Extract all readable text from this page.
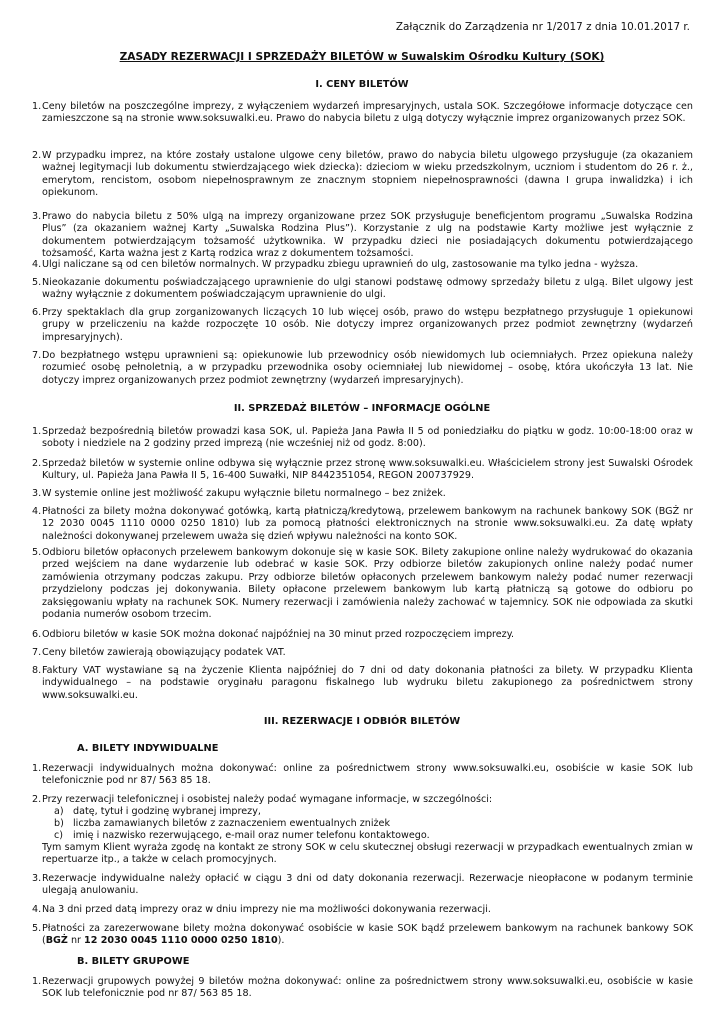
Załącznik do Zarządzenia nr 1/2017 z dnia 10.01.2017 r.
ZASADY REZERWACJI I SPRZEDAŻY BILETÓW w Suwalskim Ośrodku Kultury (SOK)
I. CENY BILETÓW
1. Ceny biletów na poszczególne imprezy, z wyłączeniem wydarzeń impresaryjnych, ustala SOK. Szczegółowe informacje dotyczące cen zamieszczone są na stronie www.soksuwalki.eu. Prawo do nabycia biletu z ulgą dotyczy wyłącznie imprez organizowanych przez SOK.
2. W przypadku imprez, na które zostały ustalone ulgowe ceny biletów, prawo do nabycia biletu ulgowego przysługuje (za okazaniem ważnej legitymacji lub dokumentu stwierdzającego wiek dziecka): dzieciom w wieku przedszkolnym, uczniom i studentom do 26 r. ż., emerytom, rencistom, osobom niepełnosprawnym ze znacznym stopniem niepełnosprawności (dawna I grupa inwalidzka) i ich opiekunom.
3. Prawo do nabycia biletu z 50% ulgą na imprezy organizowane przez SOK przysługuje beneficjentom programu „Suwalska Rodzina Plus” (za okazaniem ważnej Karty „Suwalska Rodzina Plus”). Korzystanie z ulg na podstawie Karty możliwe jest wyłącznie z dokumentem potwierdzającym tożsamość użytkownika. W przypadku dzieci nie posiadających dokumentu potwierdzającego tożsamość, Karta ważna jest z Kartą rodzica wraz z dokumentem tożsamości.
4. Ulgi naliczane są od cen biletów normalnych. W przypadku zbiegu uprawnień do ulg, zastosowanie ma tylko jedna - wyższa.
5. Nieokazanie dokumentu poświadczającego uprawnienie do ulgi stanowi podstawę odmowy sprzedaży biletu z ulgą. Bilet ulgowy jest ważny wyłącznie z dokumentem poświadczającym uprawnienie do ulgi.
6. Przy spektaklach dla grup zorganizowanych liczących 10 lub więcej osób, prawo do wstępu bezpłatnego przysługuje 1 opiekunowi grupy w przeliczeniu na każde rozpoczęte 10 osób. Nie dotyczy imprez organizowanych przez podmiot zewnętrzny (wydarzeń impresaryjnych).
7. Do bezpłatnego wstępu uprawnieni są: opiekunowie lub przewodnicy osób niewidomych lub ociemniałych. Przez opiekuna należy rozumieć osobę pełnoletnią, a w przypadku przewodnika osoby ociemniałej lub niewidomej – osobę, która ukończyła 13 lat. Nie dotyczy imprez organizowanych przez podmiot zewnętrzny (wydarzeń impresaryjnych).
II. SPRZEDAŻ BILETÓW – INFORMACJE OGÓLNE
1. Sprzedaż bezpośrednią biletów prowadzi kasa SOK, ul. Papieża Jana Pawła II 5 od poniedziałku do piątku w godz. 10:00-18:00 oraz w soboty i niedziele na 2 godziny przed imprezą (nie wcześniej niż od godz. 8:00).
2. Sprzedaż biletów w systemie online odbywa się wyłącznie przez stronę www.soksuwalki.eu. Właścicielem strony jest Suwalski Ośrodek Kultury, ul. Papieża Jana Pawła II 5, 16-400 Suwałki, NIP 8442351054, REGON 200737929.
3. W systemie online jest możliwość zakupu wyłącznie biletu normalnego – bez zniżek.
4. Płatności za bilety można dokonywać gotówką, kartą płatniczą/kredytową, przelewem bankowym na rachunek bankowy SOK (BGŻ nr 12 2030 0045 1110 0000 0250 1810) lub za pomocą płatności elektronicznych na stronie www.soksuwalki.eu. Za datę wpłaty należności dokonywanej przelewem uważa się dzień wpływu należności na konto SOK.
5. Odbioru biletów opłaconych przelewem bankowym dokonuje się w kasie SOK. Bilety zakupione online należy wydrukować do okazania przed wejściem na dane wydarzenie lub odebrać w kasie SOK. Przy odbiorze biletów zakupionych online należy podać numer zamówienia otrzymany podczas zakupu. Przy odbiorze biletów opłaconych przelewem bankowym należy podać numer rezerwacji przydzielony podczas jej dokonywania. Bilety opłacone przelewem bankowym lub kartą płatniczą są gotowe do odbioru po zaksięgowaniu wpłaty na rachunek SOK. Numery rezerwacji i zamówienia należy zachować w tajemnicy. SOK nie odpowiada za skutki podania numerów osobom trzecim.
6. Odbioru biletów w kasie SOK można dokonać najpóźniej na 30 minut przed rozpoczęciem imprezy.
7. Ceny biletów zawierają obowiązujący podatek VAT.
8. Faktury VAT wystawiane są na życzenie Klienta najpóźniej do 7 dni od daty dokonania płatności za bilety. W przypadku Klienta indywidualnego – na podstawie oryginału paragonu fiskalnego lub wydruku biletu zakupionego za pośrednictwem strony www.soksuwalki.eu.
III. REZERWACJE I ODBIÓR BILETÓW
A. BILETY INDYWIDUALNE
1. Rezerwacji indywidualnych można dokonywać: online za pośrednictwem strony www.soksuwalki.eu, osobiście w kasie SOK lub telefonicznie pod nr 87/ 563 85 18.
2. Przy rezerwacji telefonicznej i osobistej należy podać wymagane informacje, w szczególności:
a) datę, tytuł i godzinę wybranej imprezy,
b) liczba zamawianych biletów z zaznaczeniem ewentualnych zniżek
c) imię i nazwisko rezerwującego, e-mail oraz numer telefonu kontaktowego.
Tym samym Klient wyraża zgodę na kontakt ze strony SOK w celu skutecznej obsługi rezerwacji w przypadkach ewentualnych zmian w repertuarze itp., a także w celach promocyjnych.
3. Rezerwacje indywidualne należy opłacić w ciągu 3 dni od daty dokonania rezerwacji. Rezerwacje nieopłacone w podanym terminie ulegają anulowaniu.
4. Na 3 dni przed datą imprezy oraz w dniu imprezy nie ma możliwości dokonywania rezerwacji.
5. Płatności za zarezerwowane bilety można dokonywać osobiście w kasie SOK bądź przelewem bankowym na rachunek bankowy SOK (BGŻ nr 12 2030 0045 1110 0000 0250 1810).
B. BILETY GRUPOWE
1. Rezerwacji grupowych powyżej 9 biletów można dokonywać: online za pośrednictwem strony www.soksuwalki.eu, osobiście w kasie SOK lub telefonicznie pod nr 87/ 563 85 18.
